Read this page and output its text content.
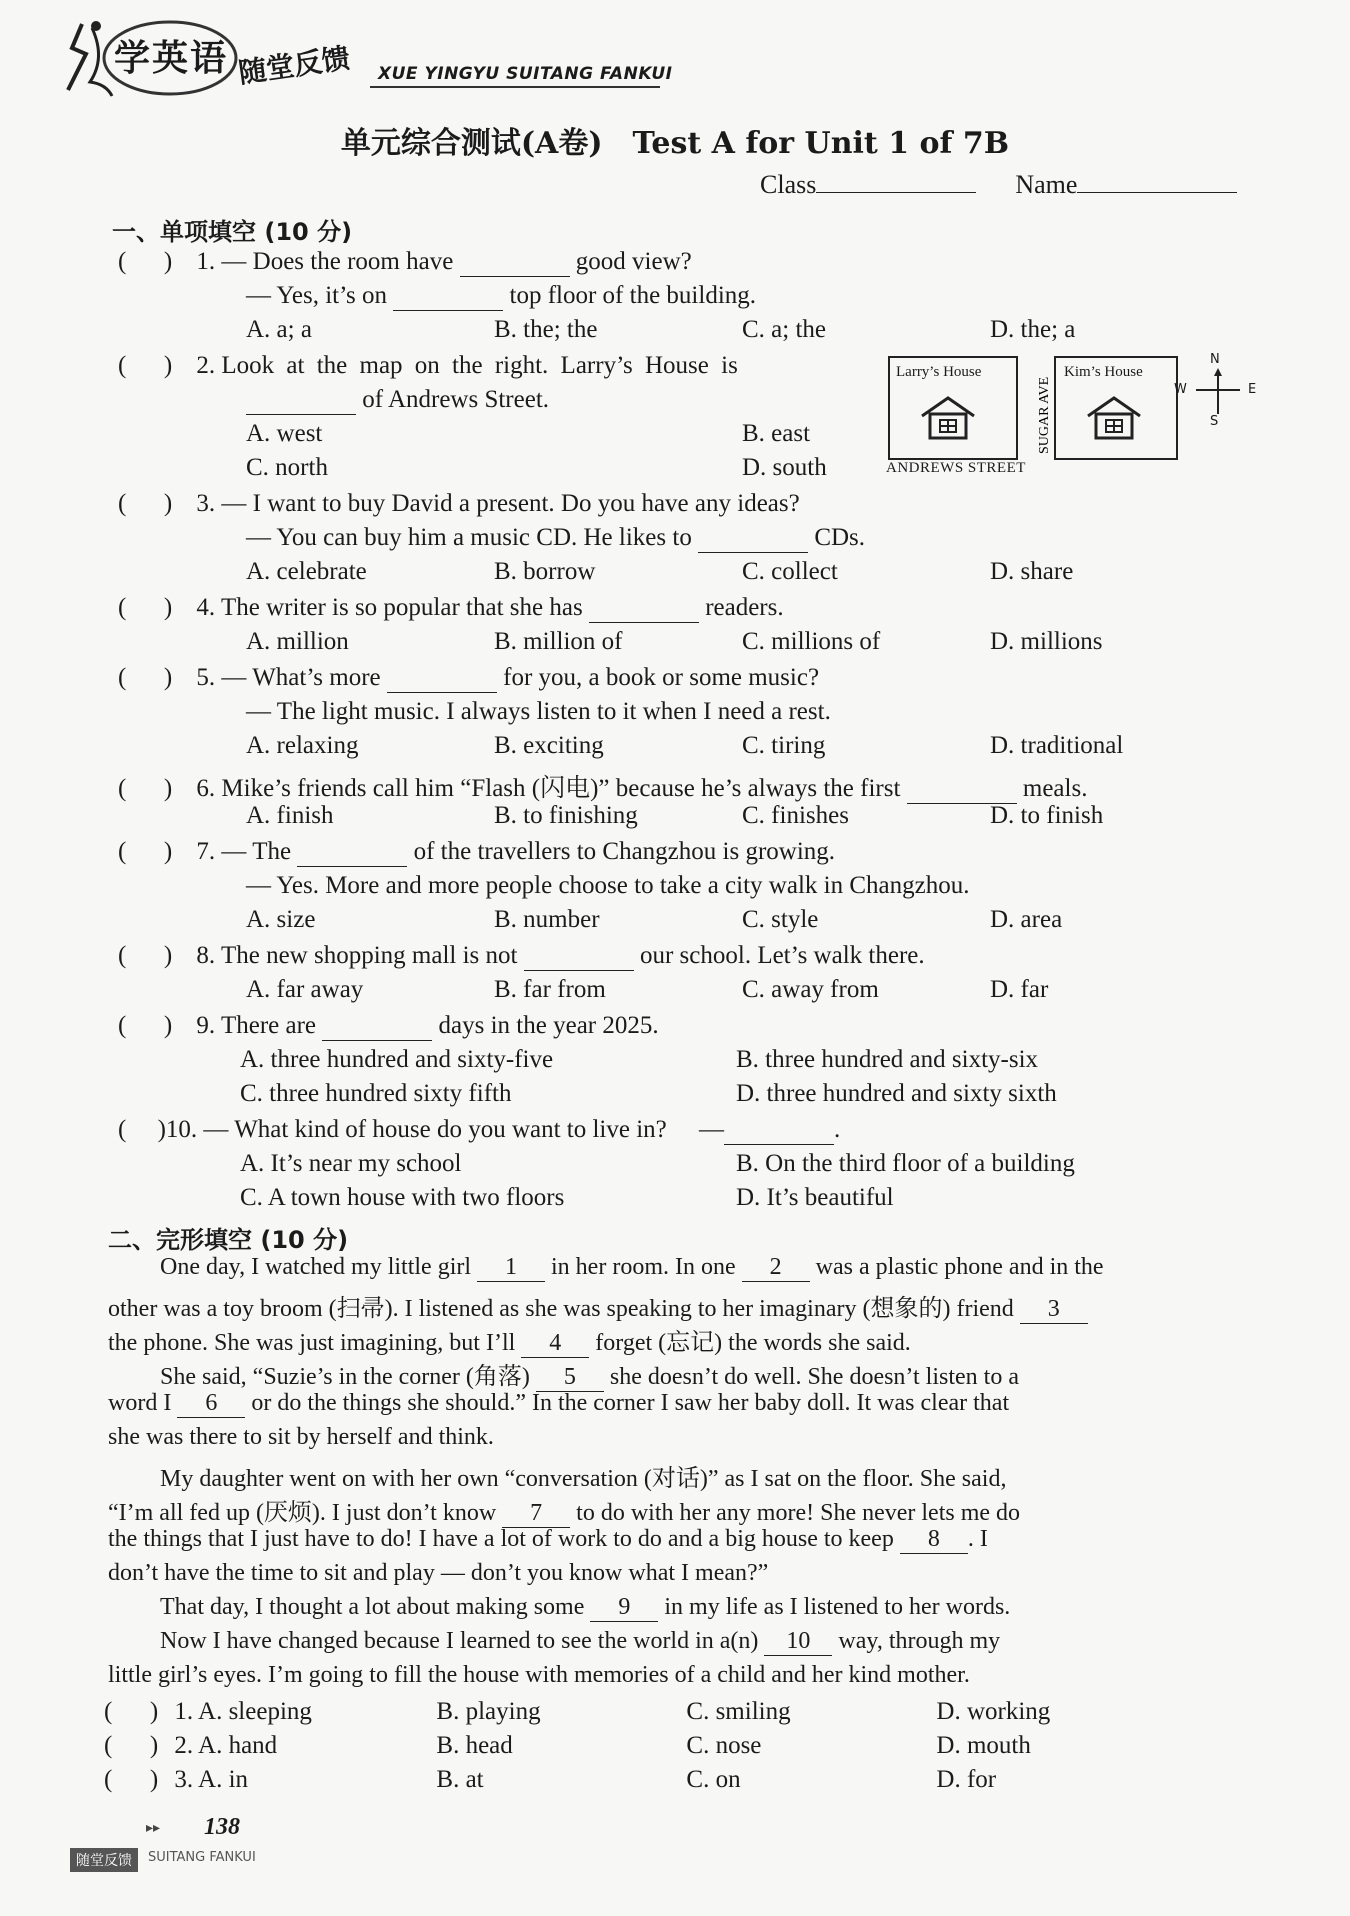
学英语 随堂反馈 XUE YINGYU SUITANG FANKUI
单元综合测试(A卷)　Test A for Unit 1 of 7B
Class	Name
一、单项填空 (10 分)
(      ) 1. — Does the room have	good view?
— Yes, it’s on	top floor of the building.
A. a; a	B. the; the	C. a; the	D. the; a
(      ) 2. Look at the map on the right. Larry’s House is
of Andrews Street.
A. west	B. east
C. north	D. south
Larry’s House
SUGAR AVE
Kim’s House
ANDREWS STREET
N
S
W	E
(      ) 3. — I want to buy David a present. Do you have any ideas?
— You can buy him a music CD. He likes to	CDs.
A. celebrate	B. borrow	C. collect	D. share
(      ) 4. The writer is so popular that she has	readers.
A. million	B. million of	C. millions of	D. millions
(      ) 5. — What’s more	for you, a book or some music?
— The light music. I always listen to it when I need a rest.
A. relaxing	B. exciting	C. tiring	D. traditional
(      ) 6. Mike’s friends call him “Flash (闪电)” because he’s always the first	meals.
A. finish	B. to finishing	C. finishes	D. to finish
(      ) 7. — The	of the travellers to Changzhou is growing.
— Yes. More and more people choose to take a city walk in Changzhou.
A. size	B. number	C. style	D. area
(      ) 8. The new shopping mall is not	our school. Let’s walk there.
A. far away	B. far from	C. away from	D. far
(      ) 9. There are	days in the year 2025.
A. three hundred and sixty-five	B. three hundred and sixty-six
C. three hundred sixty fifth	D. three hundred and sixty sixth
(     )10. — What kind of house do you want to live in? —	.
A. It’s near my school	B. On the third floor of a building
C. A town house with two floors	D. It’s beautiful
二、完形填空 (10 分)
One day, I watched my little girl 1 in her room. In one 2 was a plastic phone and in the
other was a toy broom (扫帚). I listened as she was speaking to her imaginary (想象的) friend 3
the phone. She was just imagining, but I’ll 4 forget (忘记) the words she said.
She said, “Suzie’s in the corner (角落) 5 she doesn’t do well. She doesn’t listen to a
word I 6 or do the things she should.” In the corner I saw her baby doll. It was clear that
she was there to sit by herself and think.
My daughter went on with her own “conversation (对话)” as I sat on the floor. She said,
“I’m all fed up (厌烦). I just don’t know 7 to do with her any more! She never lets me do
the things that I just have to do! I have a lot of work to do and a big house to keep 8 . I
don’t have the time to sit and play — don’t you know what I mean?”
That day, I thought a lot about making some 9 in my life as I listened to her words.
Now I have changed because I learned to see the world in a(n) 10 way, through my
little girl’s eyes. I’m going to fill the house with memories of a child and her kind mother.
(      ) 1. A. sleeping	B. playing	C. smiling	D. working
(      ) 2. A. hand	B. head	C. nose	D. mouth
(      ) 3. A. in	B. at	C. on	D. for
▸▸ 138
随堂反馈	SUITANG FANKUI
